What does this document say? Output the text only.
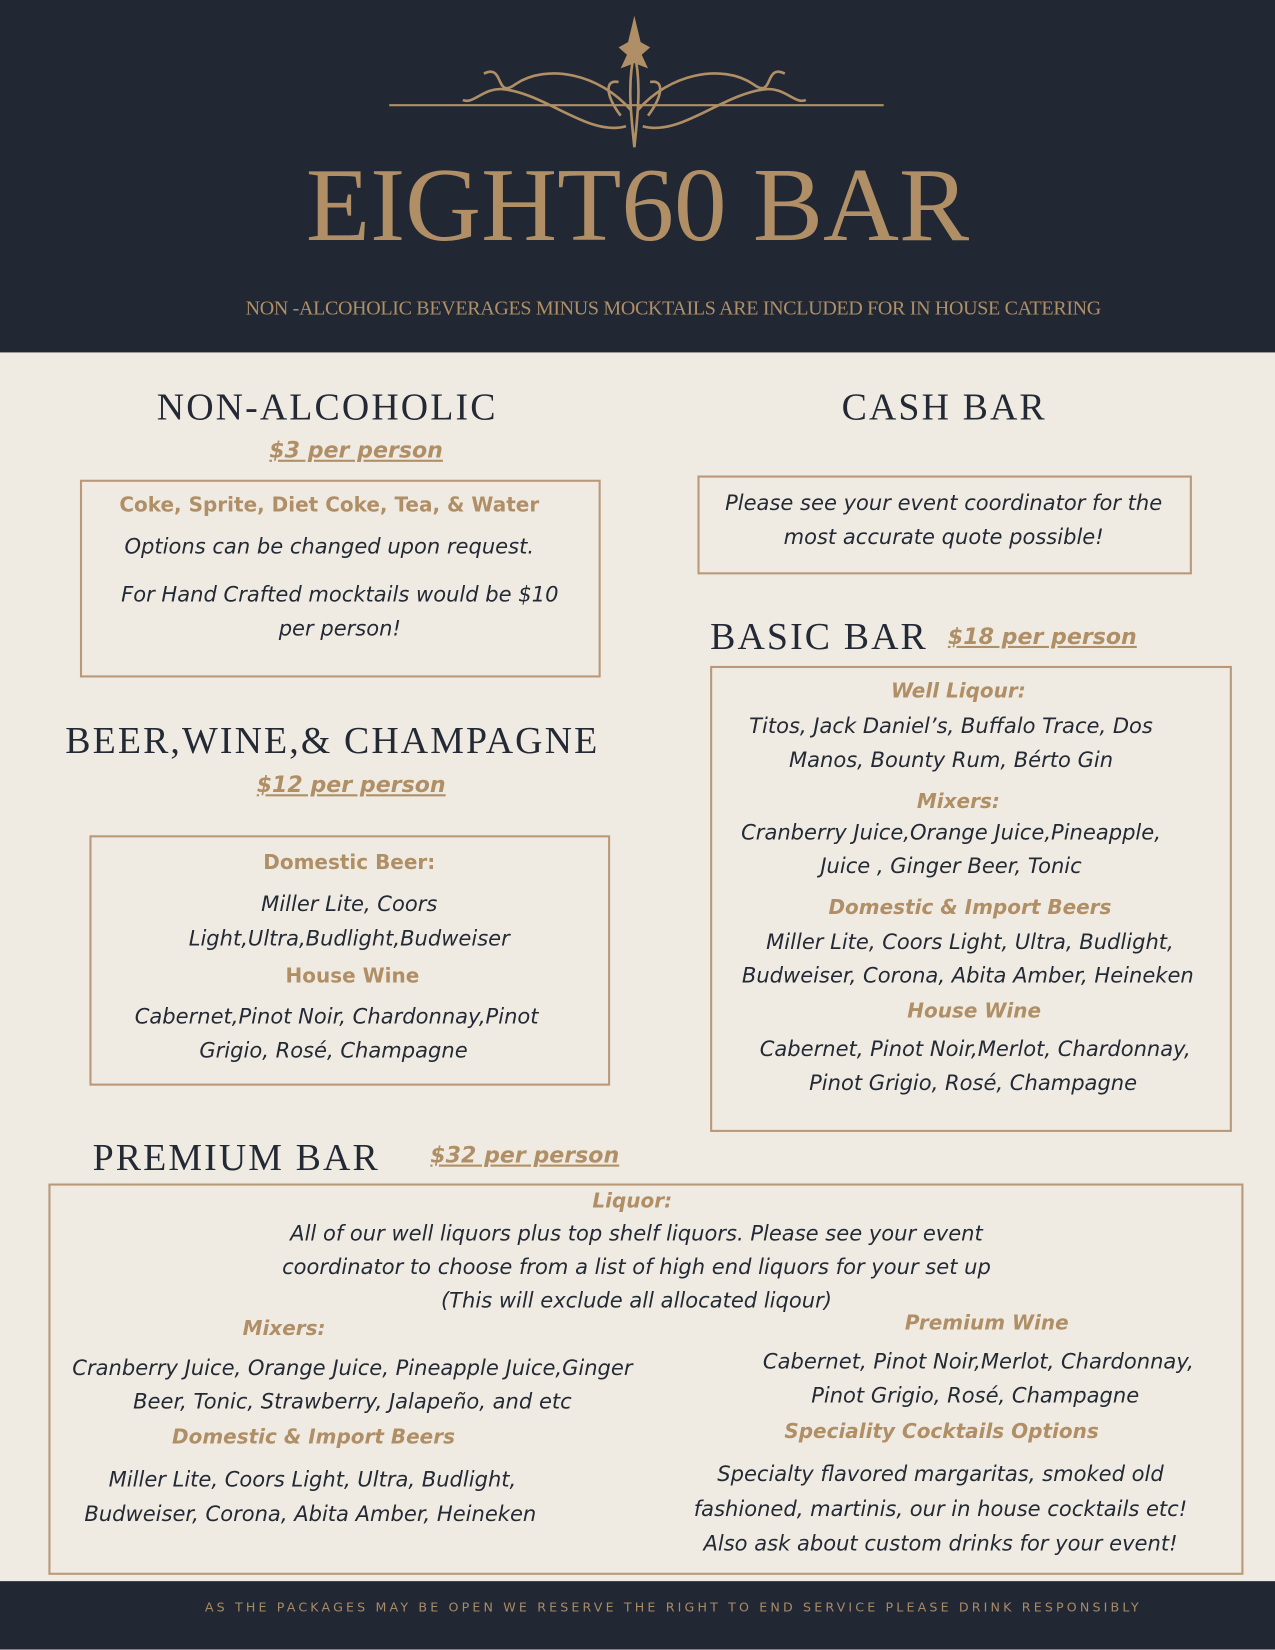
EIGHT60 BAR
NON -ALCOHOLIC BEVERAGES MINUS MOCKTAILS ARE INCLUDED FOR IN HOUSE CATERING
NON-ALCOHOLIC
$3 per person
Coke, Sprite, Diet Coke, Tea, & Water
Options can be changed upon request.
For Hand Crafted mocktails would be $10
per person!
CASH BAR
Please see your event coordinator for the
most accurate quote possible!
BASIC BAR $18 per person
Well Liqour:
Titos, Jack Daniel’s, Buffalo Trace, Dos
Manos, Bounty Rum, Bérto Gin
Mixers:
Cranberry Juice,Orange Juice,Pineapple,
Juice , Ginger Beer, Tonic
Domestic & Import Beers
Miller Lite, Coors Light, Ultra, Budlight,
Budweiser, Corona, Abita Amber, Heineken
House Wine
Cabernet, Pinot Noir,Merlot, Chardonnay,
Pinot Grigio, Rosé, Champagne
BEER,WINE,& CHAMPAGNE
$12 per person
Domestic Beer:
Miller Lite, Coors
Light,Ultra,Budlight,Budweiser
House Wine
Cabernet,Pinot Noir, Chardonnay,Pinot
Grigio, Rosé, Champagne
PREMIUM BAR $32 per person
Liquor:
All of our well liquors plus top shelf liquors. Please see your event
coordinator to choose from a list of high end liquors for your set up
(This will exclude all allocated liqour)
Mixers:
Cranberry Juice, Orange Juice, Pineapple Juice,Ginger
Beer, Tonic, Strawberry, Jalapeño, and etc
Domestic & Import Beers
Miller Lite, Coors Light, Ultra, Budlight,
Budweiser, Corona, Abita Amber, Heineken
Premium Wine
Cabernet, Pinot Noir,Merlot, Chardonnay,
Pinot Grigio, Rosé, Champagne
Speciality Cocktails Options
Specialty flavored margaritas, smoked old
fashioned, martinis, our in house cocktails etc!
Also ask about custom drinks for your event!
AS THE PACKAGES MAY BE OPEN WE RESERVE THE RIGHT TO END SERVICE PLEASE DRINK RESPONSIBLY
